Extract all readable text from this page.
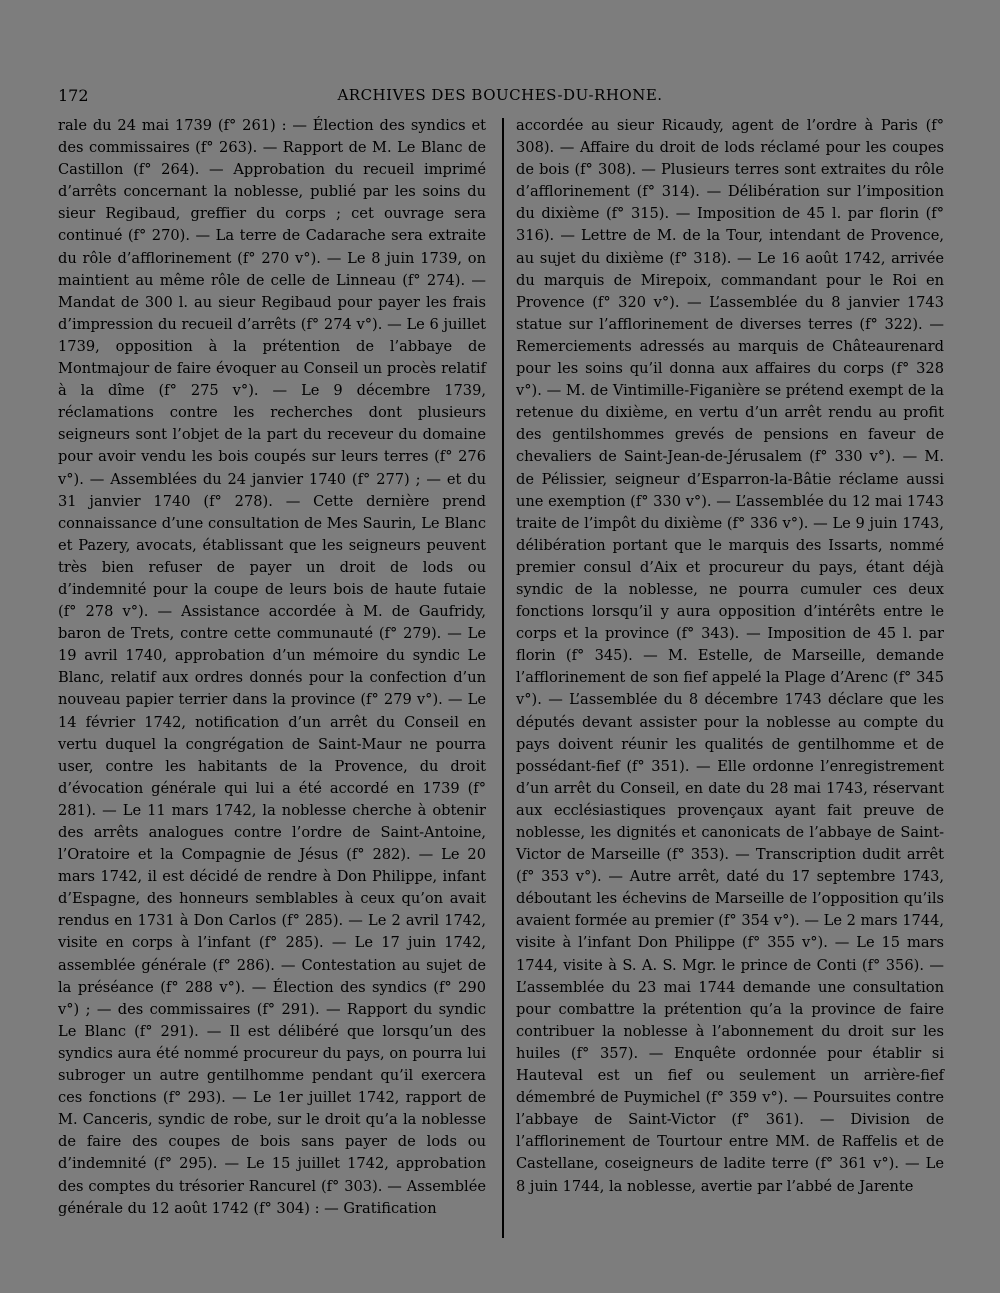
172	ARCHIVES DES BOUCHES-DU-RHONE.

rale du 24 mai 1739 (f° 261) : — Élection des syndics et des commissaires (f° 263). — Rapport de M. Le Blanc de Castillon (f° 264). — Approbation du recueil imprimé d’arrêts concernant la noblesse, publié par les soins du sieur Regibaud, greffier du corps ; cet ouvrage sera continué (f° 270). — La terre de Cadarache sera extraite du rôle d’afflorinement (f° 270 v°). — Le 8 juin 1739, on maintient au même rôle de celle de Linneau (f° 274). — Mandat de 300 l. au sieur Regibaud pour payer les frais d’impression du recueil d’arrêts (f° 274 v°). — Le 6 juillet 1739, opposition à la prétention de l’abbaye de Montmajour de faire évoquer au Conseil un procès relatif à la dîme (f° 275 v°). — Le 9 décembre 1739, réclamations contre les recherches dont plusieurs seigneurs sont l’objet de la part du receveur du domaine pour avoir vendu les bois coupés sur leurs terres (f° 276 v°). — Assemblées du 24 janvier 1740 (f° 277) ; — et du 31 janvier 1740 (f° 278). — Cette dernière prend connaissance d’une consultation de Mes Saurin, Le Blanc et Pazery, avocats, établissant que les seigneurs peuvent très bien refuser de payer un droit de lods ou d’indemnité pour la coupe de leurs bois de haute futaie (f° 278 v°). — Assistance accordée à M. de Gaufridy, baron de Trets, contre cette communauté (f° 279). — Le 19 avril 1740, approbation d’un mémoire du syndic Le Blanc, relatif aux ordres donnés pour la confection d’un nouveau papier terrier dans la province (f° 279 v°). — Le 14 février 1742, notification d’un arrêt du Conseil en vertu duquel la congrégation de Saint-Maur ne pourra user, contre les habitants de la Provence, du droit d’évocation générale qui lui a été accordé en 1739 (f° 281). — Le 11 mars 1742, la noblesse cherche à obtenir des arrêts analogues contre l’ordre de Saint-Antoine, l’Oratoire et la Compagnie de Jésus (f° 282). — Le 20 mars 1742, il est décidé de rendre à Don Philippe, infant d’Espagne, des honneurs semblables à ceux qu’on avait rendus en 1731 à Don Carlos (f° 285). — Le 2 avril 1742, visite en corps à l’infant (f° 285). — Le 17 juin 1742, assemblée générale (f° 286). — Contestation au sujet de la préséance (f° 288 v°). — Élection des syndics (f° 290 v°) ; — des commissaires (f° 291). — Rapport du syndic Le Blanc (f° 291). — Il est délibéré que lorsqu’un des syndics aura été nommé procureur du pays, on pourra lui subroger un autre gentilhomme pendant qu’il exercera ces fonctions (f° 293). — Le 1er juillet 1742, rapport de M. Canceris, syndic de robe, sur le droit qu’a la noblesse de faire des coupes de bois sans payer de lods ou d’indemnité (f° 295). — Le 15 juillet 1742, approbation des comptes du trésorier Rancurel (f° 303). — Assemblée générale du 12 août 1742 (f° 304) : — Gratification

accordée au sieur Ricaudy, agent de l’ordre à Paris (f° 308). — Affaire du droit de lods réclamé pour les coupes de bois (f° 308). — Plusieurs terres sont extraites du rôle d’afflorinement (f° 314). — Délibération sur l’imposition du dixième (f° 315). — Imposition de 45 l. par florin (f° 316). — Lettre de M. de la Tour, intendant de Provence, au sujet du dixième (f° 318). — Le 16 août 1742, arrivée du marquis de Mirepoix, commandant pour le Roi en Provence (f° 320 v°). — L’assemblée du 8 janvier 1743 statue sur l’afflorinement de diverses terres (f° 322). — Remerciements adressés au marquis de Châteaurenard pour les soins qu’il donna aux affaires du corps (f° 328 v°). — M. de Vintimille-Figanière se prétend exempt de la retenue du dixième, en vertu d’un arrêt rendu au profit des gentilshommes grevés de pensions en faveur de chevaliers de Saint-Jean-de-Jérusalem (f° 330 v°). — M. de Pélissier, seigneur d’Esparron-la-Bâtie réclame aussi une exemption (f° 330 v°). — L’assemblée du 12 mai 1743 traite de l’impôt du dixième (f° 336 v°). — Le 9 juin 1743, délibération portant que le marquis des Issarts, nommé premier consul d’Aix et procureur du pays, étant déjà syndic de la noblesse, ne pourra cumuler ces deux fonctions lorsqu’il y aura opposition d’intérêts entre le corps et la province (f° 343). — Imposition de 45 l. par florin (f° 345). — M. Estelle, de Marseille, demande l’afflorinement de son fief appelé la Plage d’Arenc (f° 345 v°). — L’assemblée du 8 décembre 1743 déclare que les députés devant assister pour la noblesse au compte du pays doivent réunir les qualités de gentilhomme et de possédant-fief (f° 351). — Elle ordonne l’enregistrement d’un arrêt du Conseil, en date du 28 mai 1743, réservant aux ecclésiastiques provençaux ayant fait preuve de noblesse, les dignités et canonicats de l’abbaye de Saint-Victor de Marseille (f° 353). — Transcription dudit arrêt (f° 353 v°). — Autre arrêt, daté du 17 septembre 1743, déboutant les échevins de Marseille de l’opposition qu’ils avaient formée au premier (f° 354 v°). — Le 2 mars 1744, visite à l’infant Don Philippe (f° 355 v°). — Le 15 mars 1744, visite à S. A. S. Mgr. le prince de Conti (f° 356). — L’assemblée du 23 mai 1744 demande une consultation pour combattre la prétention qu’a la province de faire contribuer la noblesse à l’abonnement du droit sur les huiles (f° 357). — Enquête ordonnée pour établir si Hauteval est un fief ou seulement un arrière-fief démembré de Puymichel (f° 359 v°). — Poursuites contre l’abbaye de Saint-Victor (f° 361). — Division de l’afflorinement de Tourtour entre MM. de Raffelis et de Castellane, coseigneurs de ladite terre (f° 361 v°). — Le 8 juin 1744, la noblesse, avertie par l’abbé de Jarente
